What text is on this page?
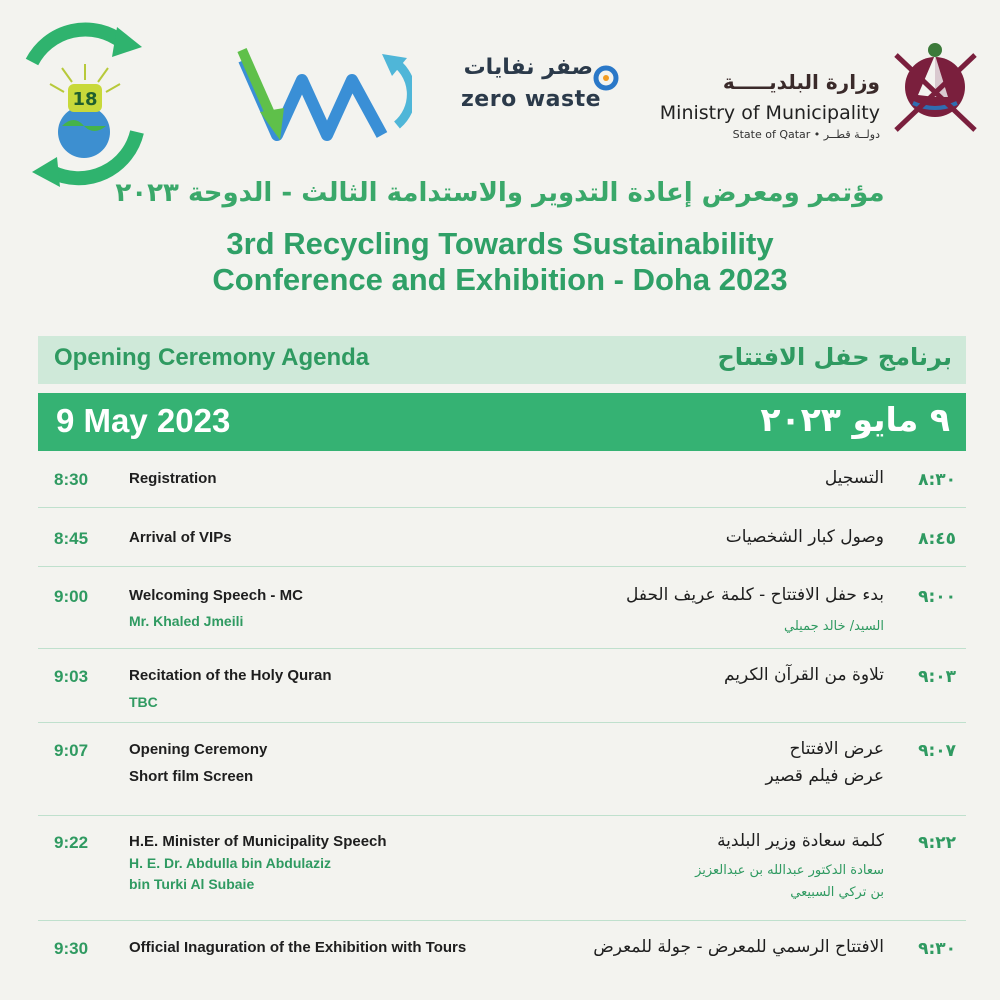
18
صفر نفايات
zero waste
وزارة البلديـــــة
Ministry of Municipality
State of Qatar • دولــة قطــر
مؤتمر ومعرض إعادة التدوير والاستدامة الثالث - الدوحة ٢٠٢٣
3rd Recycling Towards Sustainability
Conference and Exhibition - Doha 2023
Opening Ceremony Agenda	برنامج حفل الافتتاح
9 May 2023	٩ مايو ٢٠٢٣
8:30	Registration	التسجيل ٨:٣٠
8:45	Arrival of VIPs	وصول كبار الشخصيات ٨:٤٥
9:00	Welcoming Speech - MC
Mr. Khaled Jmeili
بدء حفل الافتتاح - كلمة عريف الحفل
السيد/ خالد جميلي
٩:٠٠
9:03	Recitation of the Holy Quran
TBC
تلاوة من القرآن الكريم ٩:٠٣
9:07	Opening Ceremony
Short film Screen
عرض الافتتاح
عرض فيلم قصير
٩:٠٧
9:22	H.E. Minister of Municipality Speech
H. E. Dr. Abdulla bin Abdulaziz
bin Turki Al Subaie
كلمة سعادة وزير البلدية
سعادة الدكتور عبدالله بن عبدالعزيز
بن تركي السبيعي
٩:٢٢
9:30	Official Inaguration of the Exhibition with Tours	الافتتاح الرسمي للمعرض - جولة للمعرض ٩:٣٠
